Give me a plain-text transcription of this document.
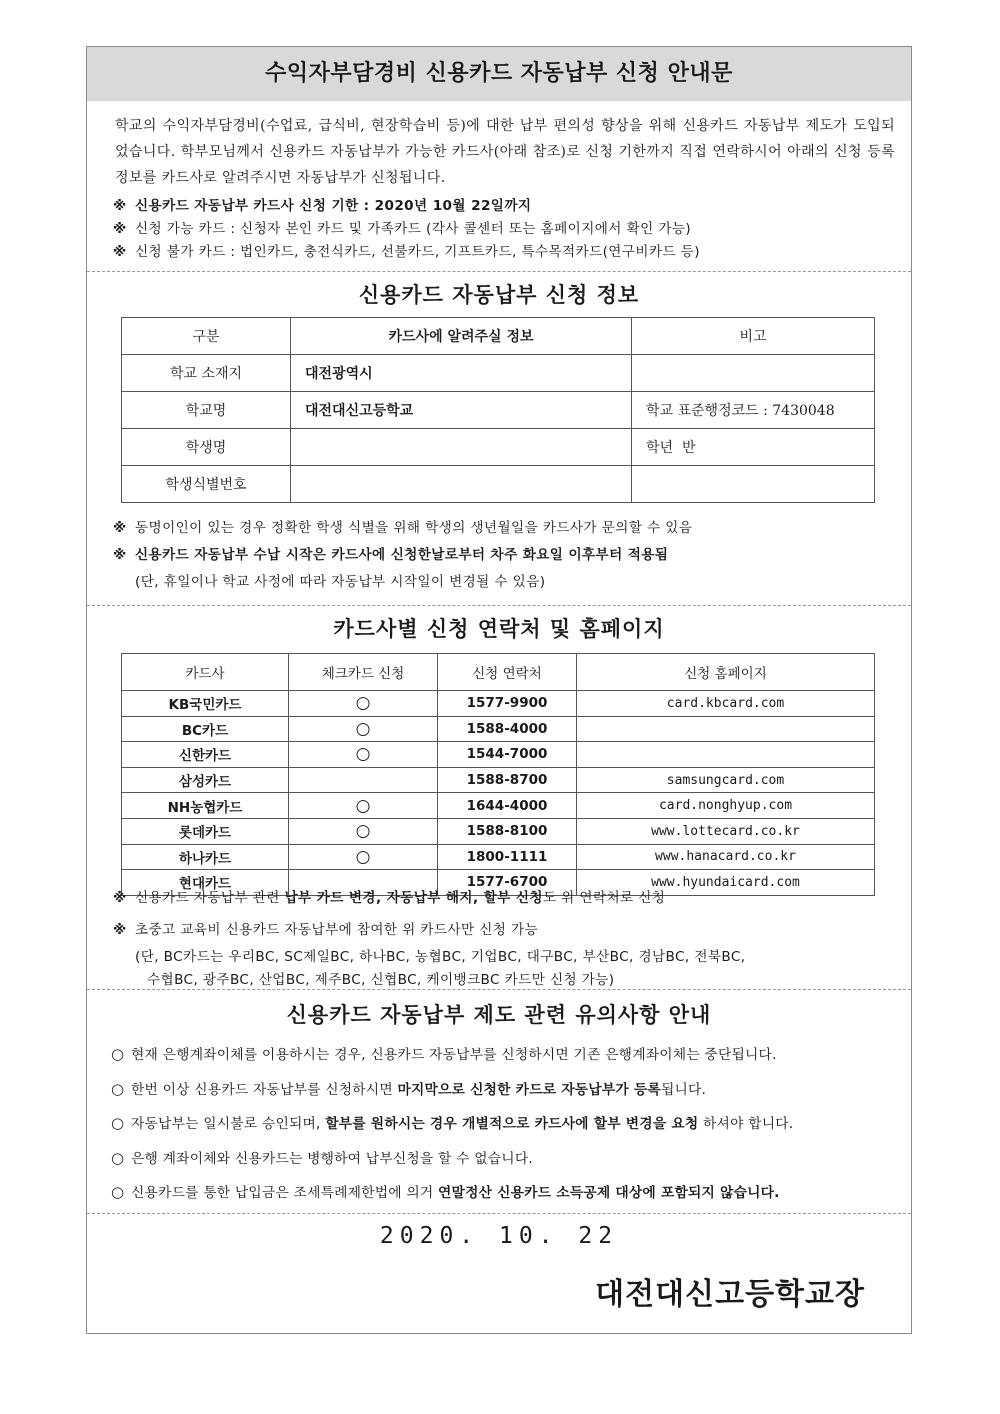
수익자부담경비 신용카드 자동납부 신청 안내문
학교의 수익자부담경비(수업료, 급식비, 현장학습비 등)에 대한 납부 편의성 향상을 위해 신용카드 자동납부 제도가 도입되었습니다. 학부모님께서 신용카드 자동납부가 가능한 카드사(아래 참조)로 신청 기한까지 직접 연락하시어 아래의 신청 등록정보를 카드사로 알려주시면 자동납부가 신청됩니다.
※ 신용카드 자동납부 카드사 신청 기한 : 2020년 10월 22일까지
※ 신청 가능 카드 : 신청자 본인 카드 및 가족카드 (각사 콜센터 또는 홈페이지에서 확인 가능)
※ 신청 불가 카드 : 법인카드, 충전식카드, 선불카드, 기프트카드, 특수목적카드(연구비카드 등)
신용카드 자동납부 신청 정보
구분	카드사에 알려주실 정보	비고
학교 소재지	대전광역시	
학교명	대전대신고등학교	학교 표준행정코드 : 7430048
학생명		학년  반
학생식별번호		
※ 동명이인이 있는 경우 정확한 학생 식별을 위해 학생의 생년월일을 카드사가 문의할 수 있음
※ 신용카드 자동납부 수납 시작은 카드사에 신청한날로부터 차주 화요일 이후부터 적용됨
(단, 휴일이나 학교 사정에 따라 자동납부 시작일이 변경될 수 있음)
카드사별 신청 연락처 및 홈페이지
카드사	체크카드 신청	신청 연락처	신청 홈페이지
KB국민카드	○	1577-9900	card.kbcard.com
BC카드	○	1588-4000	
신한카드	○	1544-7000	
삼성카드		1588-8700	samsungcard.com
NH농협카드	○	1644-4000	card.nonghyup.com
롯데카드	○	1588-8100	www.lottecard.co.kr
하나카드	○	1800-1111	www.hanacard.co.kr
현대카드		1577-6700	www.hyundaicard.com
※ 신용카드 자동납부 관련 납부 카드 변경, 자동납부 해지, 할부 신청도 위 연락처로 신청
※ 초중고 교육비 신용카드 자동납부에 참여한 위 카드사만 신청 가능
(단, BC카드는 우리BC, SC제일BC, 하나BC, 농협BC, 기업BC, 대구BC, 부산BC, 경남BC, 전북BC,
수협BC, 광주BC, 산업BC, 제주BC, 신협BC, 케이뱅크BC 카드만 신청 가능)
신용카드 자동납부 제도 관련 유의사항 안내
○ 현재 은행계좌이체를 이용하시는 경우, 신용카드 자동납부를 신청하시면 기존 은행계좌이체는 중단됩니다.
○ 한번 이상 신용카드 자동납부를 신청하시면 마지막으로 신청한 카드로 자동납부가 등록됩니다.
○ 자동납부는 일시불로 승인되며, 할부를 원하시는 경우 개별적으로 카드사에 할부 변경을 요청 하셔야 합니다.
○ 은행 계좌이체와 신용카드는 병행하여 납부신청을 할 수 없습니다.
○ 신용카드를 통한 납입금은 조세특례제한법에 의거 연말정산 신용카드 소득공제 대상에 포함되지 않습니다.
2020. 10. 22
대전대신고등학교장
